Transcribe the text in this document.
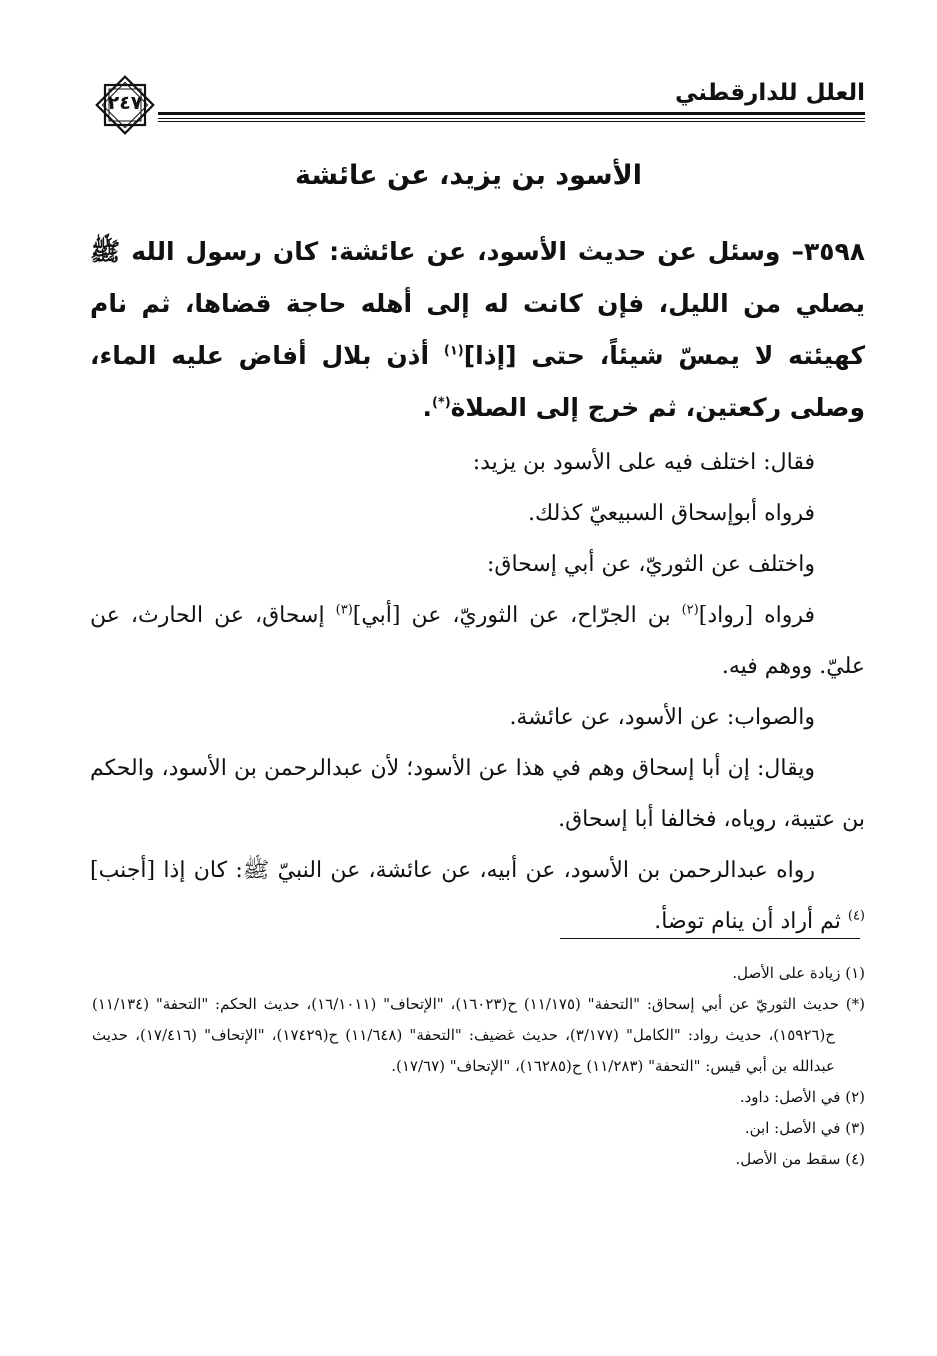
العلل للدارقطني
٢٤٧
الأسود بن يزيد، عن عائشة

٣٥٩٨– وسئل عن حديث الأسود، عن عائشة: كان رسول الله ﷺ يصلي من الليل، فإن كانت له إلى أهله حاجة قضاها، ثم نام كهيئته لا يمسّ شيئاً، حتى [إذا]$^{(١)}$ أذن بلال أفاض عليه الماء، وصلى ركعتين، ثم خرج إلى الصلاة(*).

فقال: اختلف فيه على الأسود بن يزيد:

فرواه أبوإسحاق السبيعيّ كذلك.

واختلف عن الثوريّ، عن أبي إسحاق:

فرواه [رواد]$^{(٢)}$ بن الجرّاح، عن الثوريّ، عن [أبي]$^{(٣)}$ إسحاق، عن الحارث، عن عليّ. ووهم فيه.

والصواب: عن الأسود، عن عائشة.

ويقال: إن أبا إسحاق وهم في هذا عن الأسود؛ لأن عبدالرحمن بن الأسود، والحكم بن عتيبة، روياه، فخالفا أبا إسحاق.

رواه عبدالرحمن بن الأسود، عن أبيه، عن عائشة، عن النبيّ ﷺ: كان إذا [أجنب]$^{(٤)}$ ثم أراد أن ينام توضأ.

(١) زيادة على الأصل.

(*) حديث الثوريّ عن أبي إسحاق: "التحفة" (١١/١٧٥) ح(١٦٠٢٣)، "الإتحاف" (١٦/١٠١١)، حديث الحكم: "التحفة" (١١/١٣٤) ح(١٥٩٢٦)، حديث رواد: "الكامل" (٣/١٧٧)، حديث غضيف: "التحفة" (١١/٦٤٨) ح(١٧٤٢٩)، "الإتحاف" (١٧/٤١٦)، حديث عبدالله بن أبي قيس: "التحفة" (١١/٢٨٣) ح(١٦٢٨٥)، "الإتحاف" (١٧/٦٧).

(٢) في الأصل: داود.

(٣) في الأصل: ابن.

(٤) سقط من الأصل.
